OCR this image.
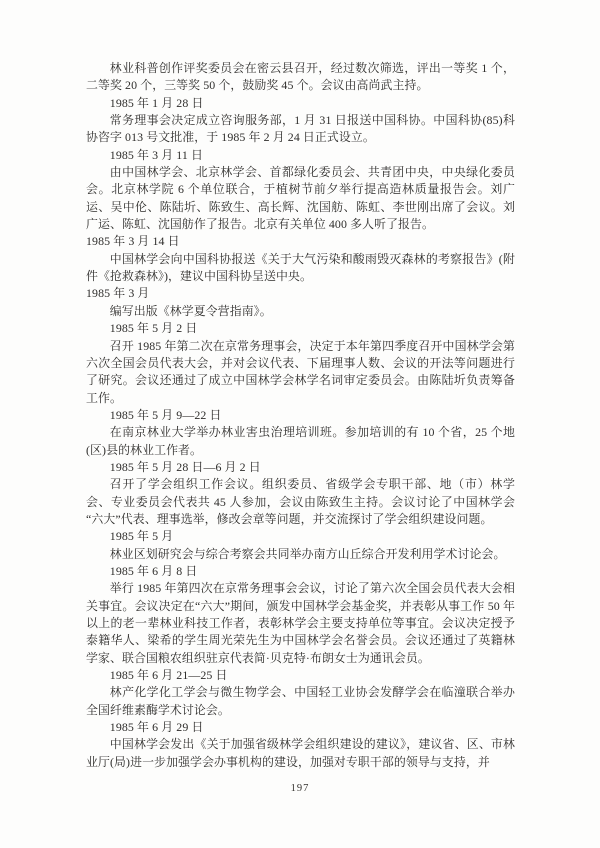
林业科普创作评奖委员会在密云县召开，经过数次筛选，评出一等奖 1 个，二等奖 20 个，三等奖 50 个，鼓励奖 45 个。会议由高尚武主持。

1985 年 1 月 28 日

常务理事会决定成立咨询服务部，1 月 31 日报送中国科协。中国科协(85)科协咨字 013 号文批准，于 1985 年 2 月 24 日正式设立。

1985 年 3 月 11 日

由中国林学会、北京林学会、首都绿化委员会、共青团中央，中央绿化委员会。北京林学院 6 个单位联合，于植树节前夕举行提高造林质量报告会。刘广运、吴中伦、陈陆圻、陈致生、高长辉、沈国舫、陈虹、李世刚出席了会议。刘广运、陈虹、沈国舫作了报告。北京有关单位 400 多人听了报告。

1985 年 3 月 14 日

中国林学会向中国科协报送《关于大气污染和酸雨毁灭森林的考察报告》(附件《抢救森林》)，建议中国科协呈送中央。

1985 年 3 月

编写出版《林学夏令营指南》。

1985 年 5 月 2 日

召开 1985 年第二次在京常务理事会，决定于本年第四季度召开中国林学会第六次全国会员代表大会，并对会议代表、下届理事人数、会议的开法等问题进行了研究。会议还通过了成立中国林学会林学名词审定委员会。由陈陆圻负责筹备工作。

1985 年 5 月 9—22 日

在南京林业大学举办林业害虫治理培训班。参加培训的有 10 个省，25 个地(区)县的林业工作者。

1985 年 5 月 28 日—6 月 2 日

召开了学会组织工作会议。组织委员、省级学会专职干部、地（市）林学会、专业委员会代表共 45 人参加，会议由陈致生主持。会议讨论了中国林学会“六大”代表、理事选举，修改会章等问题，并交流探讨了学会组织建设问题。

1985 年 5 月

林业区划研究会与综合考察会共同举办南方山丘综合开发利用学术讨论会。

1985 年 6 月 8 日

举行 1985 年第四次在京常务理事会会议，讨论了第六次全国会员代表大会相关事宜。会议决定在“六大”期间，颁发中国林学会基金奖，并表彰从事工作 50 年以上的老一辈林业科技工作者，表彰林学会主要支持单位等事宜。会议决定授予泰籍华人、梁希的学生周光荣先生为中国林学会名誉会员。会议还通过了英籍林学家、联合国粮农组织驻京代表简·贝克特·布朗女士为通讯会员。

1985 年 6 月 21—25 日

林产化学化工学会与微生物学会、中国轻工业协会发酵学会在临潼联合举办全国纤维素酶学术讨论会。

1985 年 6 月 29 日

中国林学会发出《关于加强省级林学会组织建设的建议》，建议省、区、市林业厅(局)进一步加强学会办事机构的建设，加强对专职干部的领导与支持，并

197
